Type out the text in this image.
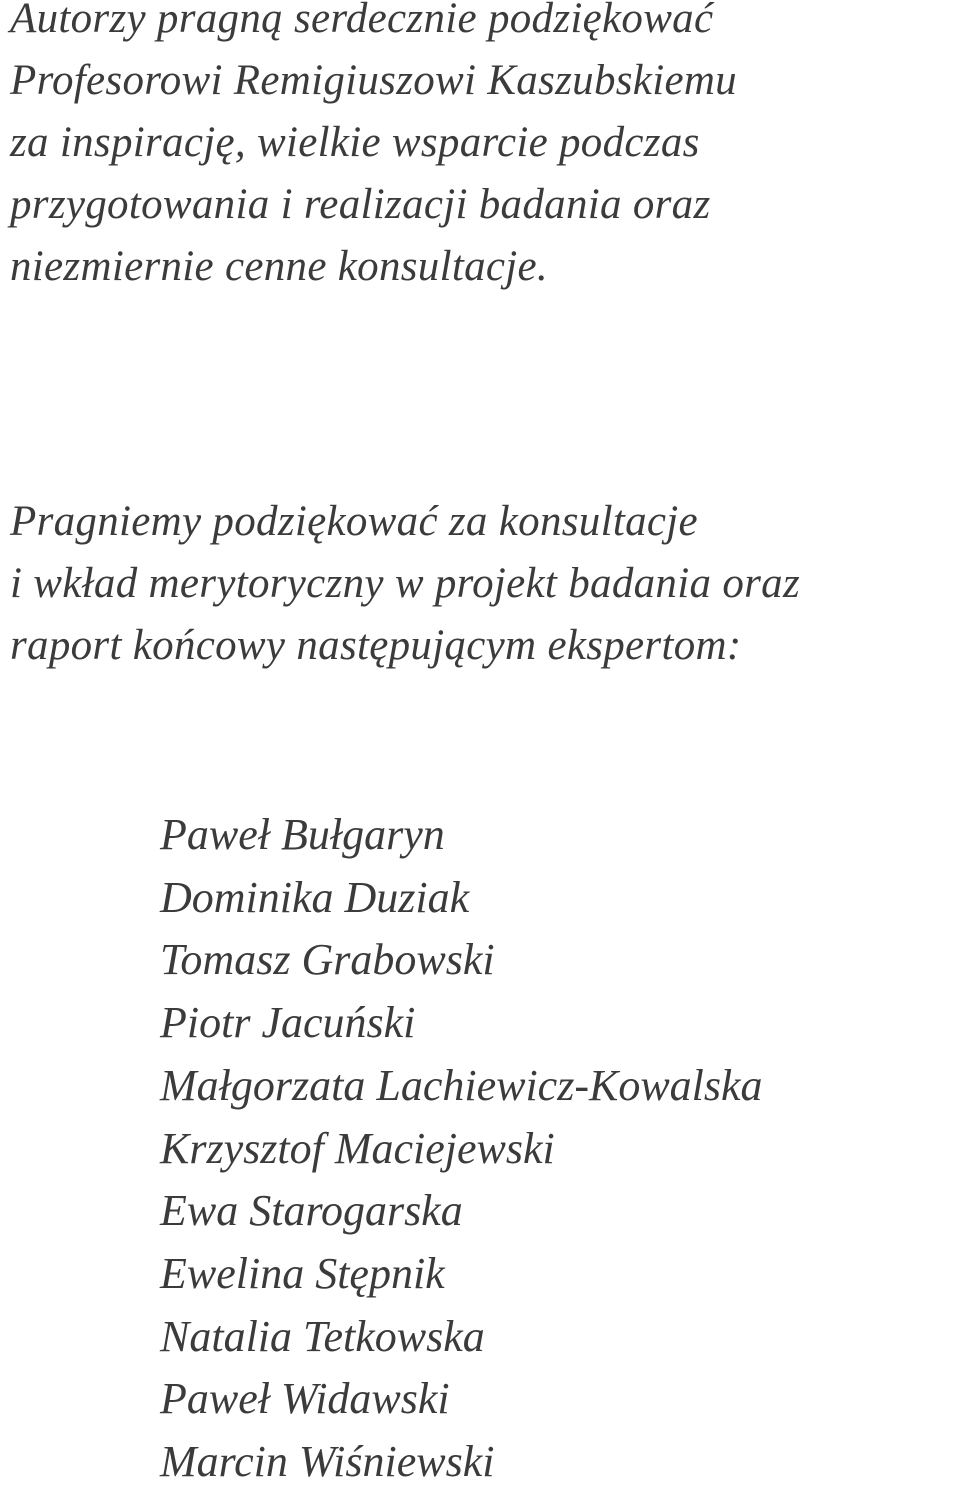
Autorzy pragną serdecznie podziękować
Profesorowi Remigiuszowi Kaszubskiemu
za inspirację, wielkie wsparcie podczas
przygotowania i realizacji badania oraz
niezmiernie cenne konsultacje.

Pragniemy podziękować za konsultacje
i wkład merytoryczny w projekt badania oraz
raport końcowy następującym ekspertom:

Paweł Bułgaryn
Dominika Duziak
Tomasz Grabowski
Piotr Jacuński
Małgorzata Lachiewicz-Kowalska
Krzysztof Maciejewski
Ewa Starogarska
Ewelina Stępnik
Natalia Tetkowska
Paweł Widawski
Marcin Wiśniewski
